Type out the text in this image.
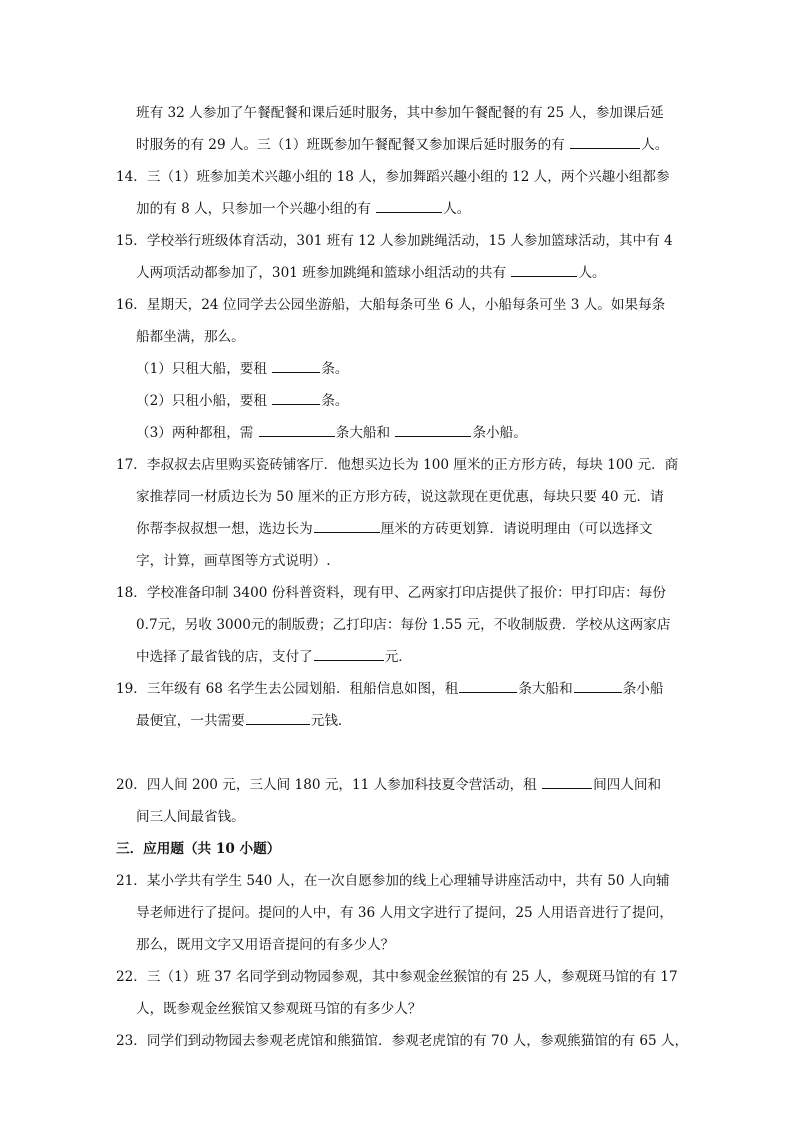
班有 32 人参加了午餐配餐和课后延时服务，其中参加午餐配餐的有 25 人，参加课后延
时服务的有 29 人。三（1）班既参加午餐配餐又参加课后延时服务的有	人。
14．三（1）班参加美术兴趣小组的 18 人，参加舞蹈兴趣小组的 12 人，两个兴趣小组都参
加的有 8 人，只参加一个兴趣小组的有	人。
15．学校举行班级体育活动，301 班有 12 人参加跳绳活动，15 人参加篮球活动，其中有 4
人两项活动都参加了，301 班参加跳绳和篮球小组活动的共有	人。
16．星期天，24 位同学去公园坐游船，大船每条可坐 6 人，小船每条可坐 3 人。如果每条
船都坐满，那么。
（1）只租大船，要租	条。
（2）只租小船，要租	条。
（3）两种都租，需	条大船和	条小船。
17．李叔叔去店里购买瓷砖铺客厅．他想买边长为 100 厘米的正方形方砖，每块 100 元．商
家推荐同一材质边长为 50 厘米的正方形方砖，说这款现在更优惠，每块只要 40 元．请
你帮李叔叔想一想，选边长为	厘米的方砖更划算．请说明理由（可以选择文
字，计算，画草图等方式说明）.
18．学校准备印制 3400 份科普资料，现有甲、乙两家打印店提供了报价：甲打印店：每份
0.7元，另收 3000元的制版费；乙打印店：每份 1.55 元，不收制版费．学校从这两家店
中选择了最省钱的店，支付了	元．
19．三年级有 68 名学生去公园划船．租船信息如图，租	条大船和	条小船
最便宜，一共需要	元钱．
20．四人间 200 元，三人间 180 元，11 人参加科技夏令营活动，租	间四人间和
间三人间最省钱。
三．应用题（共 10 小题）
21．某小学共有学生 540 人，在一次自愿参加的线上心理辅导讲座活动中，共有 50 人向辅
导老师进行了提问。提问的人中，有 36 人用文字进行了提问，25 人用语音进行了提问，
那么，既用文字又用语音提问的有多少人？
22．三（1）班 37 名同学到动物园参观，其中参观金丝猴馆的有 25 人，参观斑马馆的有 17
人，既参观金丝猴馆又参观斑马馆的有多少人？
23．同学们到动物园去参观老虎馆和熊猫馆．参观老虎馆的有 70 人，参观熊猫馆的有 65 人，
